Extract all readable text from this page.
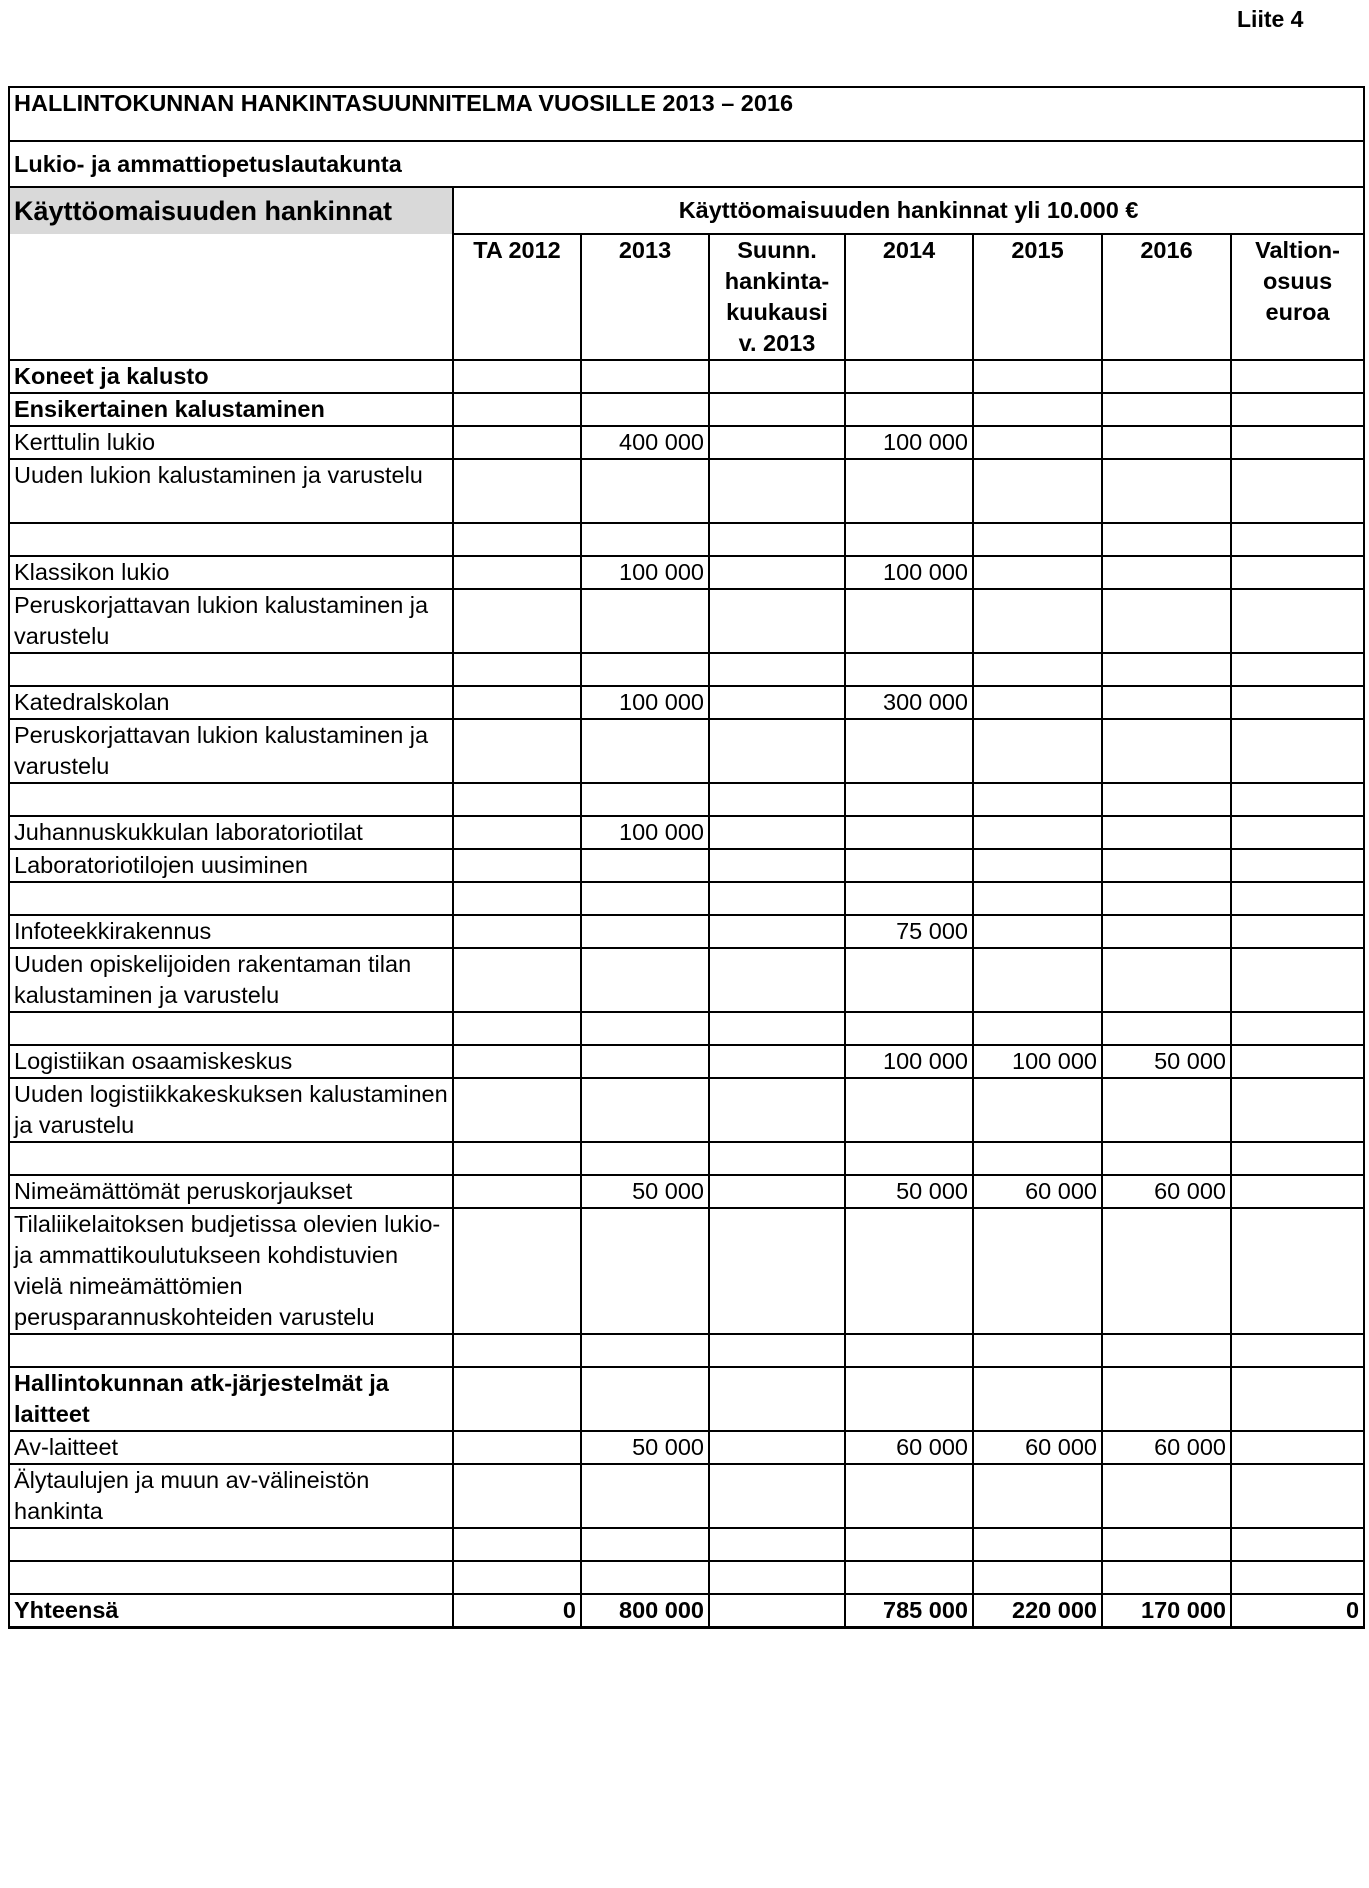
Liite 4
HALLINTOKUNNAN HANKINTASUUNNITELMA VUOSILLE 2013 – 2016							
Lukio- ja ammattiopetuslautakunta							
Käyttöomaisuuden hankinnat	Käyttöomaisuuden hankinnat yli 10.000 €						
	TA 2012	2013	Suunn. hankinta-kuukausi v. 2013	2014	2015	2016	Valtion-osuus euroa
Koneet ja kalusto							
Ensikertainen kalustaminen							
Kerttulin lukio		400 000		100 000			
Uuden lukion kalustaminen ja varustelu							

Klassikon lukio		100 000		100 000			
Peruskorjattavan lukion kalustaminen ja varustelu							

Katedralskolan		100 000		300 000			
Peruskorjattavan lukion kalustaminen ja varustelu							

Juhannuskukkulan laboratoriotilat		100 000					
Laboratoriotilojen uusiminen							

Infoteekkirakennus				75 000			
Uuden opiskelijoiden rakentaman tilan kalustaminen ja varustelu							

Logistiikan osaamiskeskus				100 000	100 000	50 000	
Uuden logistiikkakeskuksen kalustaminen ja varustelu							

Nimeämättömät peruskorjaukset		50 000		50 000	60 000	60 000	
Tilaliikelaitoksen budjetissa olevien lukio- ja ammattikoulutukseen kohdistuvien vielä nimeämättömien perusparannuskohteiden varustelu							

Hallintokunnan atk-järjestelmät ja laitteet							
Av-laitteet		50 000		60 000	60 000	60 000	
Älytaulujen ja muun av-välineistön hankinta							

Yhteensä	0	800 000		785 000	220 000	170 000	0
